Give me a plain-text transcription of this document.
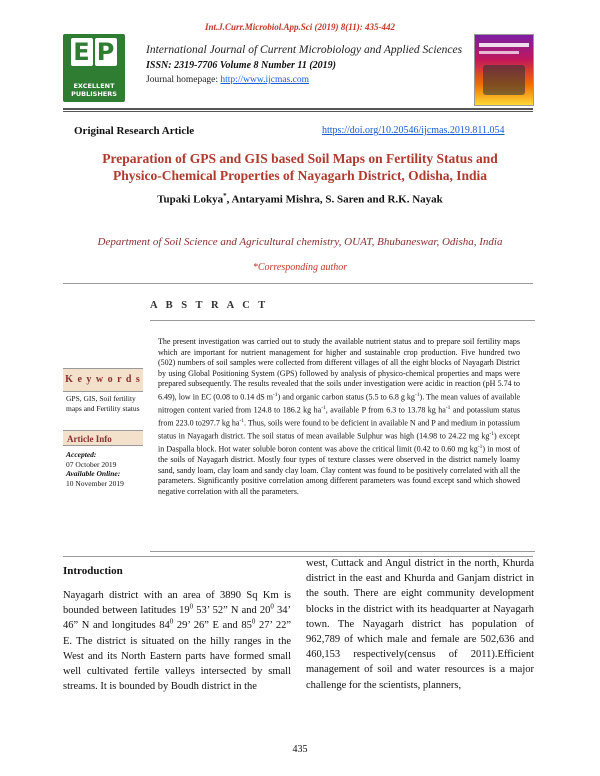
Int.J.Curr.Microbiol.App.Sci (2019) 8(11): 435-442
E P
EXCELLENT
PUBLISHERS
International Journal of Current Microbiology and Applied Sciences
ISSN: 2319-7706 Volume 8 Number 11 (2019)
Journal homepage: http://www.ijcmas.com
Original Research Article	https://doi.org/10.20546/ijcmas.2019.811.054
Preparation of GPS and GIS based Soil Maps on Fertility Status and
Physico-Chemical Properties of Nayagarh District, Odisha, India
Tupaki Lokya*, Antaryami Mishra, S. Saren and R.K. Nayak
Department of Soil Science and Agricultural chemistry, OUAT, Bhubaneswar, Odisha, India
*Corresponding author
A B S T R A C T
The present investigation was carried out to study the available nutrient status and to prepare soil fertility maps which are important for nutrient management for higher and sustainable crop production. Five hundred two (502) numbers of soil samples were collected from different villages of all the eight blocks of Nayagarh District by using Global Positioning System (GPS) followed by analysis of physico-chemical properties and maps were prepared subsequently. The results revealed that the soils under investigation were acidic in reaction (pH 5.74 to 6.49), low in EC (0.08 to 0.14 dS $m^{-1}$) and organic carbon status (5.5 to 6.8 g $kg^{-1}$). The mean values of available nitrogen content varied from 124.8 to 186.2 kg $ha^{-1}$, available P from 6.3 to 13.78 kg $ha^{-1}$ and potassium status from 223.0 to297.7 kg $ha^{-1}$. Thus, soils were found to be deficient in available N and P and medium in potassium status in Nayagarh district. The soil status of mean available Sulphur was high (14.98 to 24.22 mg $kg^{-1}$) except in Daspalla block. Hot water soluble boron content was above the critical limit (0.42 to 0.60 mg $kg^{-1}$) in most of the soils of Nayagarh district. Mostly four types of texture classes were observed in the district namely loamy sand, sandy loam, clay loam and sandy clay loam. Clay content was found to be positively correlated with all the parameters. Significantly positive correlation among different parameters was found except sand which showed negative correlation with all the parameters.
K e y w o r d s
GPS, GIS, Soil fertility maps and Fertility status
Article Info
Accepted:
07 October 2019
Available Online:
10 November 2019
Introduction
Nayagarh district with an area of 3890 Sq Km is bounded between latitudes $19^0$ 53’ 52” N and $20^0$ 34’ 46” N and longitudes $84^0$ 29’ 26” E and $85^0$ 27’ 22” E. The district is situated on the hilly ranges in the West and its North Eastern parts have formed small well cultivated fertile valleys intersected by small streams. It is bounded by Boudh district in the
west, Cuttack and Angul district in the north, Khurda district in the east and Khurda and Ganjam district in the south. There are eight community development blocks in the district with its headquarter at Nayagarh town. The Nayagarh district has population of 962,789 of which male and female are 502,636 and 460,153 respectively(census of 2011).Efficient management of soil and water resources is a major challenge for the scientists, planners,
435
